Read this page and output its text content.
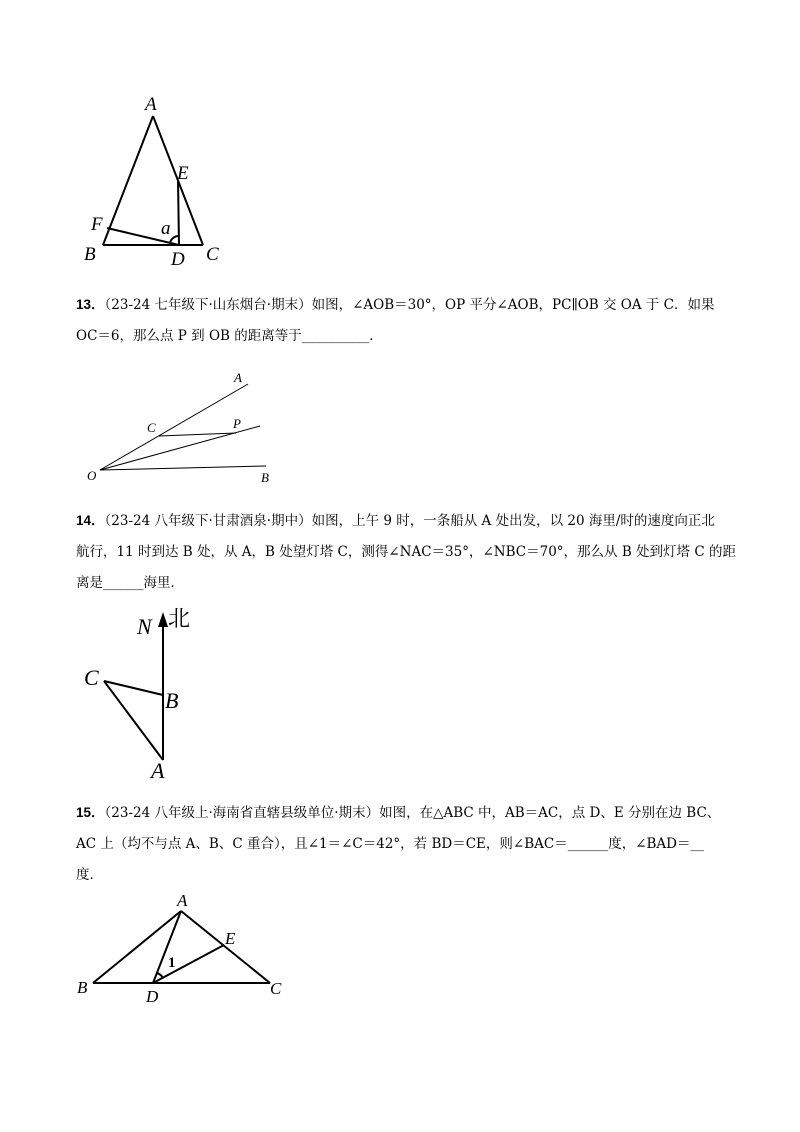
A
E
F	a
B	D C
13．（23-24 七年级下·山东烟台·期末）如图，∠AOB＝30°，OP 平分∠AOB，PC∥OB 交 OA 于 C．如果
OC＝6，那么点 P 到 OB 的距离等于__________．
A
C	P
O	B
14．（23-24 八年级下·甘肃酒泉·期中）如图，上午 9 时，一条船从 A 处出发，以 20 海里/时的速度向正北
航行，11 时到达 B 处，从 A，B 处望灯塔 C，测得∠NAC＝35°，∠NBC＝70°，那么从 B 处到灯塔 C 的距
离是______海里．
N 北
C
B
A
15．（23-24 八年级上·海南省直辖县级单位·期末）如图，在△ABC 中，AB＝AC，点 D、E 分别在边 BC、
AC 上（均不与点 A、B、C 重合），且∠1＝∠C＝42°，若 BD＝CE，则∠BAC＝______度，∠BAD＝__
度．
A
E
1
B	D	C
